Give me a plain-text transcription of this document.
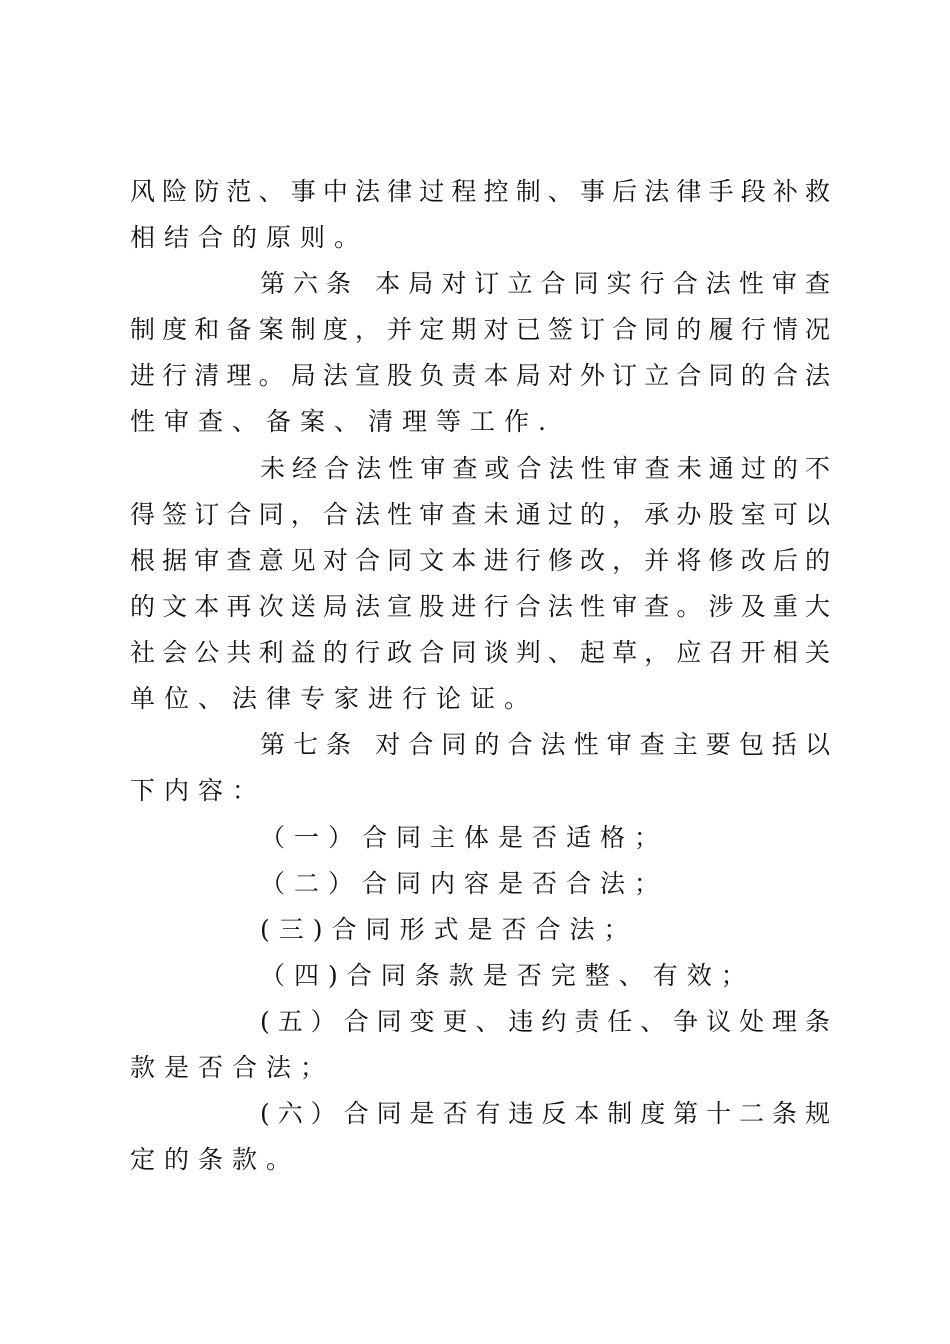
风险防范、事中法律过程控制、事后法律手段补救
相结合的原则。
第六条 本局对订立合同实行合法性审查
制度和备案制度，并定期对已签订合同的履行情况
进行清理。局法宣股负责本局对外订立合同的合法
性审查、备案、清理等工作.
未经合法性审查或合法性审查未通过的不
得签订合同，合法性审查未通过的，承办股室可以
根据审查意见对合同文本进行修改，并将修改后的
的文本再次送局法宣股进行合法性审查。涉及重大
社会公共利益的行政合同谈判、起草，应召开相关
单位、法律专家进行论证。
第七条 对合同的合法性审查主要包括以
下内容：
（一）合同主体是否适格；
（二）合同内容是否合法；
(三)合同形式是否合法；
（四)合同条款是否完整、有效；
(五）合同变更、违约责任、争议处理条
款是否合法；
(六）合同是否有违反本制度第十二条规
定的条款。
